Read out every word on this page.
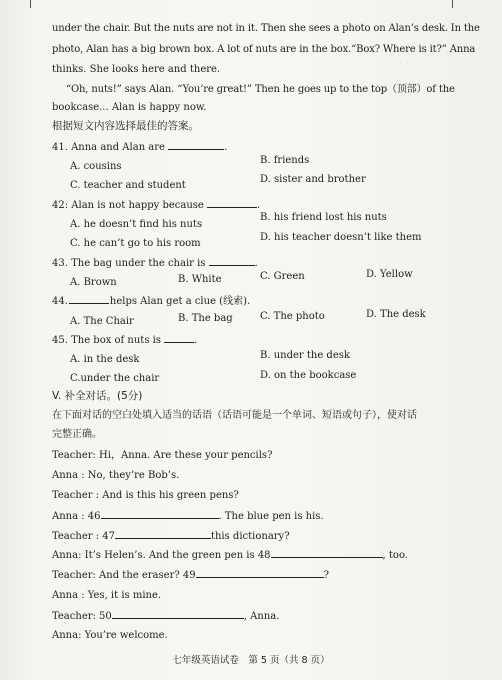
- -
under the chair. But the nuts are not in it. Then she sees a photo on Alan’s desk. In the
photo, Alan has a big brown box. A lot of nuts are in the box.“Box? Where is it?” Anna
thinks. She looks here and there.
“Oh, nuts!” says Alan. “You’re great!” Then he goes up to the top（顶部）of the
bookcase... Alan is happy now.
根据短文内容选择最佳的答案。
41. Anna and Alan are	.
A. cousins
B. friends
C. teacher and student
D. sister and brother
42: Alan is not happy because	.
A. he doesn’t find his nuts
B. his friend lost his nuts
C. he can’t go to his room
D. his teacher doesn’t like them
43. The bag under the chair is	.
A. Brown	B. White	C. Green	D. Yellow
44.	helps Alan get a clue (线索).
A. The Chair	B. The bag	C. The photo	D. The desk
45. The box of nuts is	.
A. in the desk	B. under the desk
C.under the chair	D. on the bookcase
V. 补全对话。(5分)
在下面对话的空白处填入适当的话语（话语可能是一个单词、短语或句子），使对话
完整正确。
Teacher: Hi，Anna. Are these your pencils?
Anna : No, they’re Bob’s.
Teacher : And is this his green pens?
Anna : 46	. The blue pen is his.
Teacher : 47	this dictionary?
Anna: It’s Helen’s. And the green pen is 48	, too.
Teacher: And the eraser? 49	?
Anna : Yes, it is mine.
Teacher: 50	, Anna.
Anna: You’re welcome.
七年级英语试卷　第 5 页（共 8 页）
